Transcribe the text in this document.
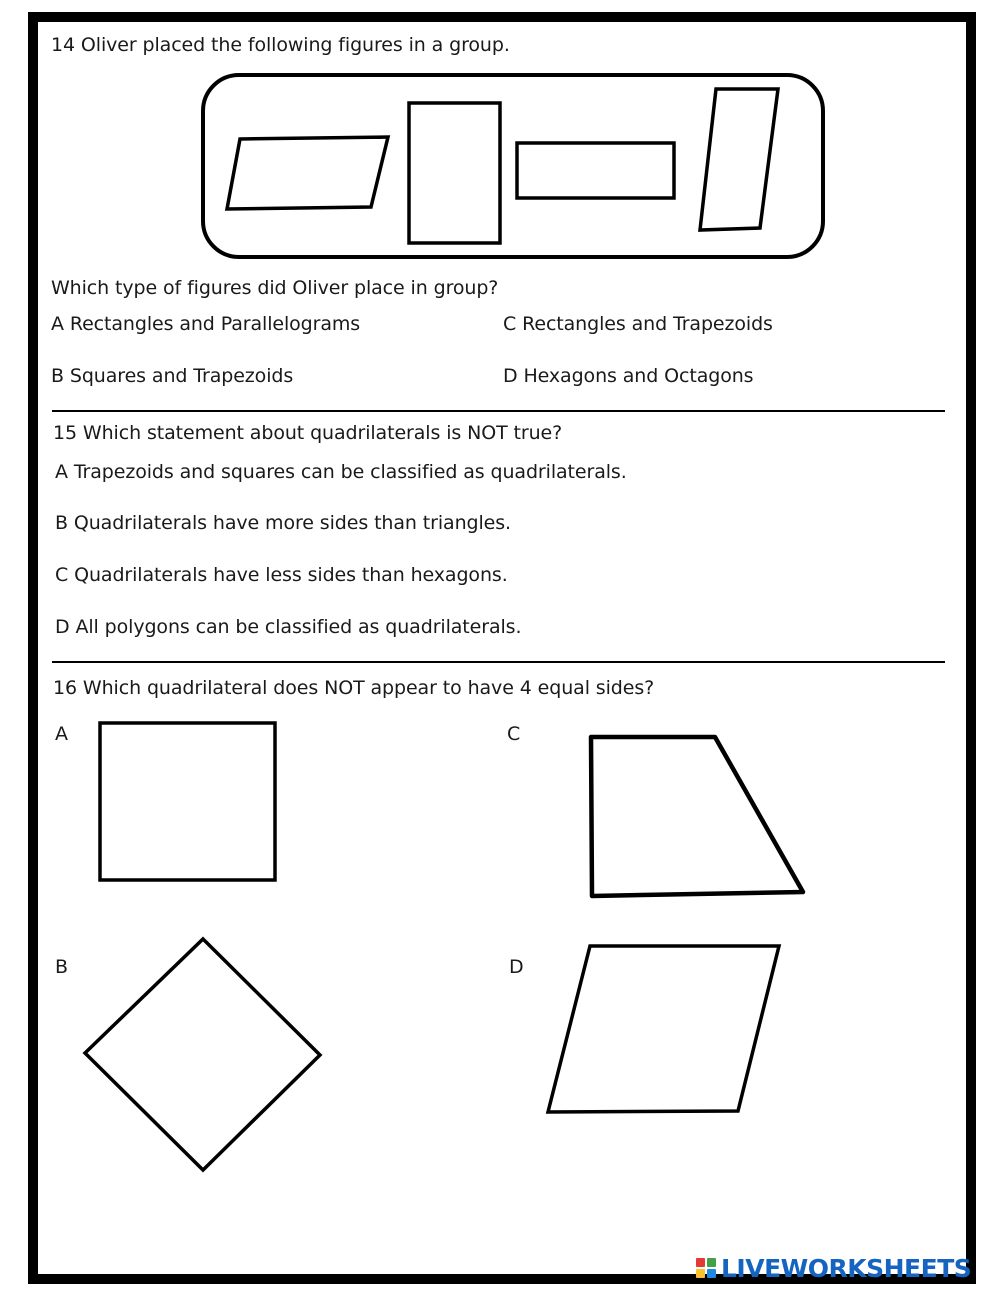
14 Oliver placed the following figures in a group.
Which type of figures did Oliver place in group?
A Rectangles and Parallelograms	C Rectangles and Trapezoids
B Squares and Trapezoids	D Hexagons and Octagons
15 Which statement about quadrilaterals is NOT true?
A Trapezoids and squares can be classified as quadrilaterals.
B Quadrilaterals have more sides than triangles.
C Quadrilaterals have less sides than hexagons.
D All polygons can be classified as quadrilaterals.
16 Which quadrilateral does NOT appear to have 4 equal sides?
A	C
B	D
LIVEWORKSHEETS
